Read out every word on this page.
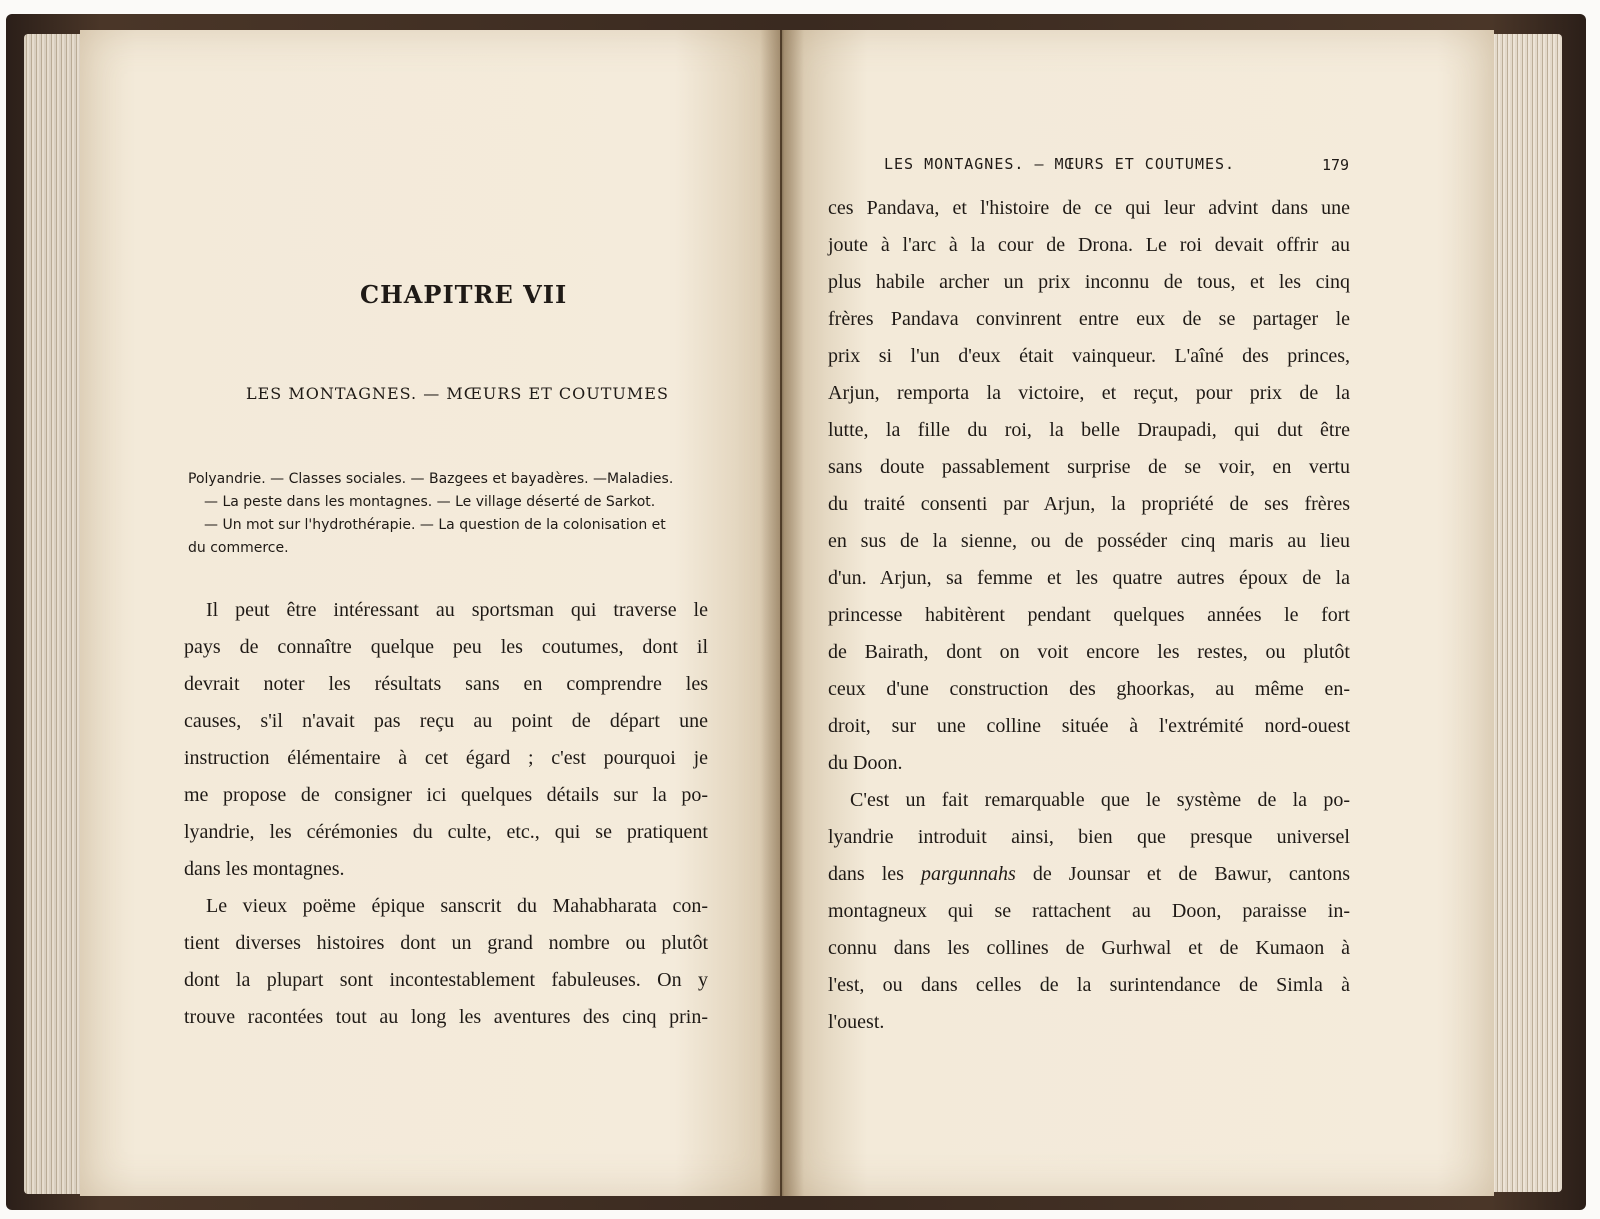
CHAPITRE VII
LES MONTAGNES. — MŒURS ET COUTUMES
Polyandrie. — Classes sociales. — Bazgees et bayadères. —Maladies.
— La peste dans les montagnes. — Le village déserté de Sarkot.
— Un mot sur l'hydrothérapie. — La question de la colonisation et
du commerce.
Il peut être intéressant au sportsman qui traverse le
pays de connaître quelque peu les coutumes, dont il
devrait noter les résultats sans en comprendre les
causes, s'il n'avait pas reçu au point de départ une
instruction élémentaire à cet égard ; c'est pourquoi je
me propose de consigner ici quelques détails sur la po-
lyandrie, les cérémonies du culte, etc., qui se pratiquent
dans les montagnes.
Le vieux poëme épique sanscrit du Mahabharata con-
tient diverses histoires dont un grand nombre ou plutôt
dont la plupart sont incontestablement fabuleuses. On y
trouve racontées tout au long les aventures des cinq prin-
LES MONTAGNES. — MŒURS ET COUTUMES.	179
ces Pandava, et l'histoire de ce qui leur advint dans une
joute à l'arc à la cour de Drona. Le roi devait offrir au
plus habile archer un prix inconnu de tous, et les cinq
frères Pandava convinrent entre eux de se partager le
prix si l'un d'eux était vainqueur. L'aîné des princes,
Arjun, remporta la victoire, et reçut, pour prix de la
lutte, la fille du roi, la belle Draupadi, qui dut être
sans doute passablement surprise de se voir, en vertu
du traité consenti par Arjun, la propriété de ses frères
en sus de la sienne, ou de posséder cinq maris au lieu
d'un. Arjun, sa femme et les quatre autres époux de la
princesse habitèrent pendant quelques années le fort
de Bairath, dont on voit encore les restes, ou plutôt
ceux d'une construction des ghoorkas, au même en-
droit, sur une colline située à l'extrémité nord-ouest
du Doon.
C'est un fait remarquable que le système de la po-
lyandrie introduit ainsi, bien que presque universel
dans les pargunnahs de Jounsar et de Bawur, cantons
montagneux qui se rattachent au Doon, paraisse in-
connu dans les collines de Gurhwal et de Kumaon à
l'est, ou dans celles de la surintendance de Simla à
l'ouest.
